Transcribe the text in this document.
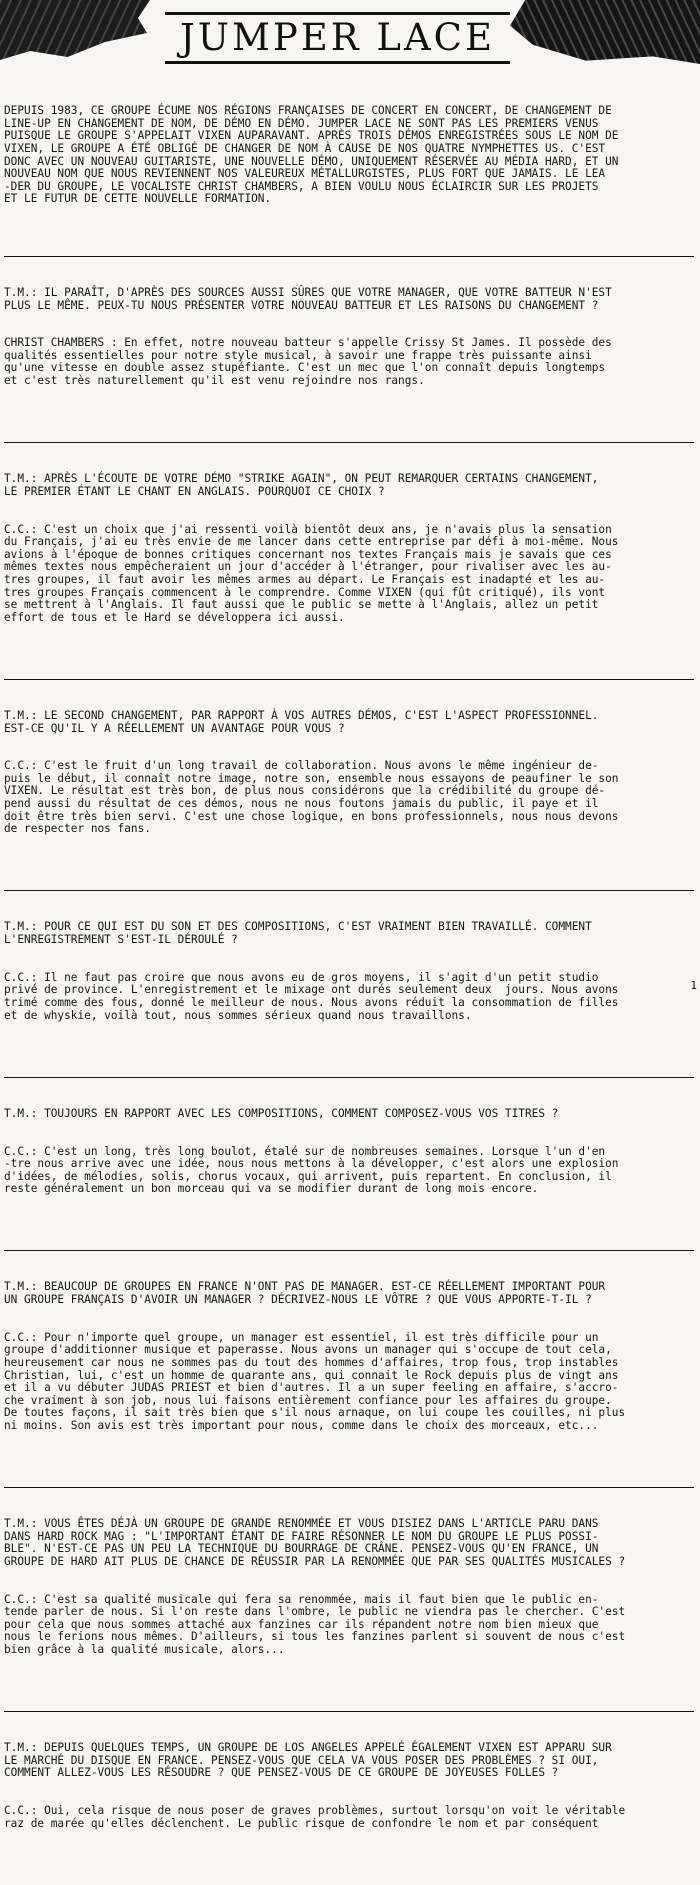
JUMPER LACE

DEPUIS 1983, CE GROUPE ÉCUME NOS RÉGIONS FRANÇAISES DE CONCERT EN CONCERT, DE CHANGEMENT DE
LINE-UP EN CHANGEMENT DE NOM, DE DÉMO EN DÉMO. JUMPER LACE NE SONT PAS LES PREMIERS VENUS
PUISQUE LE GROUPE S'APPELAIT VIXEN AUPARAVANT. APRÈS TROIS DÉMOS ENREGISTRÉES SOUS LE NOM DE
VIXEN, LE GROUPE A ÉTÉ OBLIGÉ DE CHANGER DE NOM À CAUSE DE NOS QUATRE NYMPHETTES US. C'EST
DONC AVEC UN NOUVEAU GUITARISTE, UNE NOUVELLE DÉMO, UNIQUEMENT RÉSERVÉE AU MÉDIA HARD, ET UN
NOUVEAU NOM QUE NOUS REVIENNENT NOS VALEUREUX MÉTALLURGISTES, PLUS FORT QUE JAMAIS. LE LEA
-DER DU GROUPE, LE VOCALISTE CHRIST CHAMBERS, A BIEN VOULU NOUS ÉCLAIRCIR SUR LES PROJETS
ET LE FUTUR DE CETTE NOUVELLE FORMATION.

T.M.: IL PARAÎT, D'APRÈS DES SOURCES AUSSI SÛRES QUE VOTRE MANAGER, QUE VOTRE BATTEUR N'EST
PLUS LE MÊME. PEUX-TU NOUS PRÉSENTER VOTRE NOUVEAU BATTEUR ET LES RAISONS DU CHANGEMENT ?

CHRIST CHAMBERS : En effet, notre nouveau batteur s'appelle Crissy St James. Il possède des
qualités essentielles pour notre style musical, à savoir une frappe très puissante ainsi
qu'une vitesse en double assez stupéfiante. C'est un mec que l'on connaît depuis longtemps
et c'est très naturellement qu'il est venu rejoindre nos rangs.

T.M.: APRÈS L'ÉCOUTE DE VOTRE DÉMO "STRIKE AGAIN", ON PEUT REMARQUER CERTAINS CHANGEMENT,
LE PREMIER ÉTANT LE CHANT EN ANGLAIS. POURQUOI CE CHOIX ?

C.C.: C'est un choix que j'ai ressenti voilà bientôt deux ans, je n'avais plus la sensation
du Français, j'ai eu très envie de me lancer dans cette entreprise par défi à moi-même. Nous
avions à l'époque de bonnes critiques concernant nos textes Français mais je savais que ces
mêmes textes nous empêcheraient un jour d'accéder à l'étranger, pour rivaliser avec les au-
tres groupes, il faut avoir les mêmes armes au départ. Le Français est inadapté et les au-
tres groupes Français commencent à le comprendre. Comme VIXEN (qui fût critiqué), ils vont
se mettrent à l'Anglais. Il faut aussi que le public se mette à l'Anglais, allez un petit
effort de tous et le Hard se développera ici aussi.

T.M.: LE SECOND CHANGEMENT, PAR RAPPORT À VOS AUTRES DÉMOS, C'EST L'ASPECT PROFESSIONNEL.
EST-CE QU'IL Y A RÉELLEMENT UN AVANTAGE POUR VOUS ?

C.C.: C'est le fruit d'un long travail de collaboration. Nous avons le même ingénieur de-
puis le début, il connaît notre image, notre son, ensemble nous essayons de peaufiner le son
VIXEN. Le résultat est très bon, de plus nous considérons que la crédibilité du groupe dé-
pend aussi du résultat de ces démos, nous ne nous foutons jamais du public, il paye et il
doit être très bien servi. C'est une chose logique, en bons professionnels, nous nous devons
de respecter nos fans.

T.M.: POUR CE QUI EST DU SON ET DES COMPOSITIONS, C'EST VRAIMENT BIEN TRAVAILLÉ. COMMENT
L'ENREGISTREMENT S'EST-IL DÉROULÉ ?

C.C.: Il ne faut pas croire que nous avons eu de gros moyens, il s'agit d'un petit studio
privé de province. L'enregistrement et le mixage ont durés seulement deux  jours. Nous avons
trimé comme des fous, donné le meilleur de nous. Nous avons réduit la consommation de filles
et de whyskie, voilà tout, nous sommes sérieux quand nous travaillons.

T.M.: TOUJOURS EN RAPPORT AVEC LES COMPOSITIONS, COMMENT COMPOSEZ-VOUS VOS TITRES ?

C.C.: C'est un long, très long boulot, étalé sur de nombreuses semaines. Lorsque l'un d'en
-tre nous arrive avec une idée, nous nous mettons à la développer, c'est alors une explosion
d'idées, de mélodies, solis, chorus vocaux, qui arrivent, puis repartent. En conclusion, il
reste généralement un bon morceau qui va se modifier durant de long mois encore.

T.M.: BEAUCOUP DE GROUPES EN FRANCE N'ONT PAS DE MANAGER. EST-CE RÉELLEMENT IMPORTANT POUR
UN GROUPE FRANÇAIS D'AVOIR UN MANAGER ? DÉCRIVEZ-NOUS LE VÔTRE ? QUE VOUS APPORTE-T-IL ?

C.C.: Pour n'importe quel groupe, un manager est essentiel, il est très difficile pour un
groupe d'additionner musique et paperasse. Nous avons un manager qui s'occupe de tout cela,
heureusement car nous ne sommes pas du tout des hommes d'affaires, trop fous, trop instables
Christian, lui, c'est un homme de quarante ans, qui connait le Rock depuis plus de vingt ans
et il a vu débuter JUDAS PRIEST et bien d'autres. Il a un super feeling en affaire, s'accro-
che vraiment à son job, nous lui faisons entièrement confiance pour les affaires du groupe.
De toutes façons, il sait très bien que s'il nous arnaque, on lui coupe les couilles, ni plus
ni moins. Son avis est très important pour nous, comme dans le choix des morceaux, etc...

T.M.: VOUS ÊTES DÉJÀ UN GROUPE DE GRANDE RENOMMÉE ET VOUS DISIEZ DANS L'ARTICLE PARU DANS
DANS HARD ROCK MAG : "L'IMPORTANT ÉTANT DE FAIRE RÉSONNER LE NOM DU GROUPE LE PLUS POSSI-
BLE". N'EST-CE PAS UN PEU LA TECHNIQUE DU BOURRAGE DE CRÂNE. PENSEZ-VOUS QU'EN FRANCE, UN
GROUPE DE HARD AIT PLUS DE CHANCE DE RÉUSSIR PAR LA RENOMMÉE QUE PAR SES QUALITÉS MUSICALES ?

C.C.: C'est sa qualité musicale qui fera sa renommée, mais il faut bien que le public en-
tende parler de nous. Si l'on reste dans l'ombre, le public ne viendra pas le chercher. C'est
pour cela que nous sommes attaché aux fanzines car ils répandent notre nom bien mieux que
nous le ferions nous mêmes. D'ailleurs, si tous les fanzines parlent si souvent de nous c'est
bien grâce à la qualité musicale, alors...

T.M.: DEPUIS QUELQUES TEMPS, UN GROUPE DE LOS ANGELES APPELÉ ÉGALEMENT VIXEN EST APPARU SUR
LE MARCHÉ DU DISQUE EN FRANCE. PENSEZ-VOUS QUE CELA VA VOUS POSER DES PROBLÈMES ? SI OUI,
COMMENT ALLEZ-VOUS LES RÉSOUDRE ? QUE PENSEZ-VOUS DE CE GROUPE DE JOYEUSES FOLLES ?

C.C.: Oui, cela risque de nous poser de graves problèmes, surtout lorsqu'on voit le véritable
raz de marée qu'elles déclenchent. Le public risque de confondre le nom et par conséquent

1
